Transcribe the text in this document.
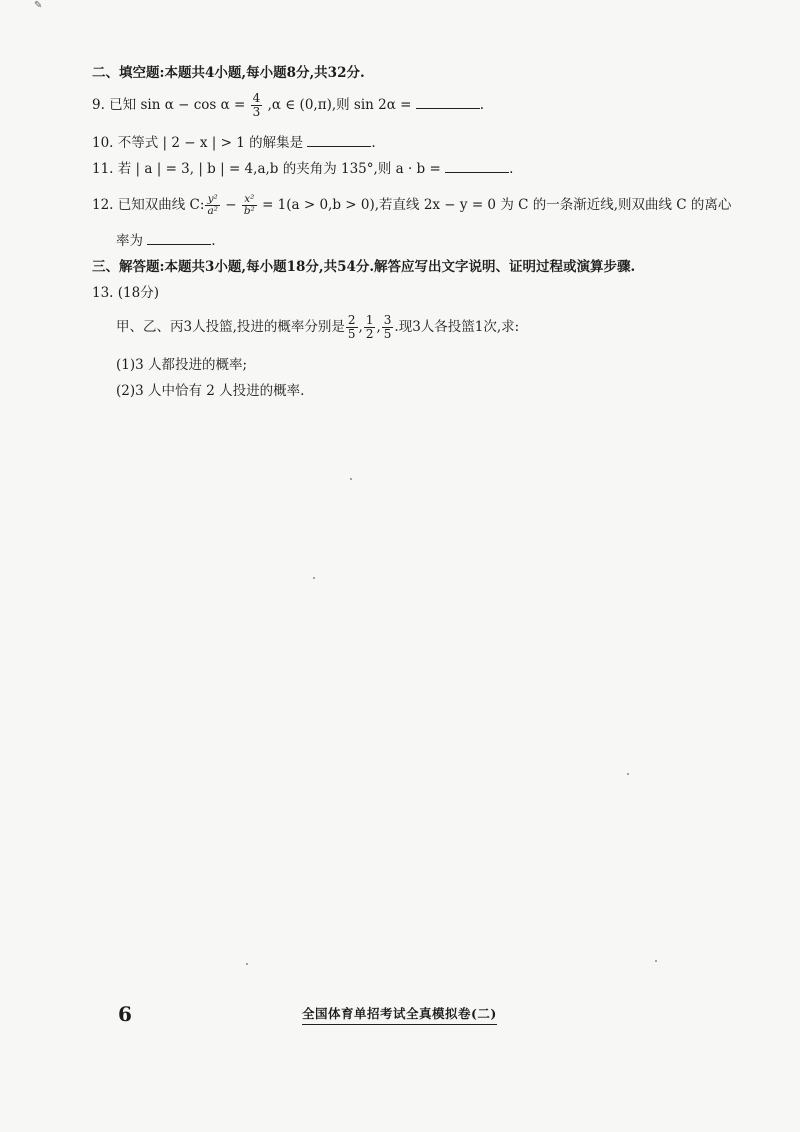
✎
二、填空题:本题共4小题,每小题8分,共32分.
9. 已知 $\sin \alpha - \cos \alpha = \frac{4}{3} ,\alpha$ ∈ (0,π),则 sin 2α =	.
10. 不等式 | 2 − x | > 1 的解集是	.
11. 若 | a | = 3, | b | = 4,a,b 的夹角为 135°,则 a · b =	.
12. 已知双曲线 C: $\frac{\text{y²}}{\text{a²}} - \frac{\text{x²}}{\text{b²}} = 1(a > 0,b > 0)$,若直线 2x − y = 0 为 C 的一条渐近线,则双曲线 C 的离心
率为	.
三、解答题:本题共3小题,每小题18分,共54分.解答应写出文字说明、证明过程或演算步骤.
13. (18分)
甲、乙、丙3人投篮,投进的概率分别是 $\frac{2}{5}$ , $\frac{1}{2}$ , $\frac{3}{5}$ .现3人各投篮1次,求:
(1)3 人都投进的概率;
(2)3 人中恰有 2 人投进的概率.
6	全国体育单招考试全真模拟卷(二)
